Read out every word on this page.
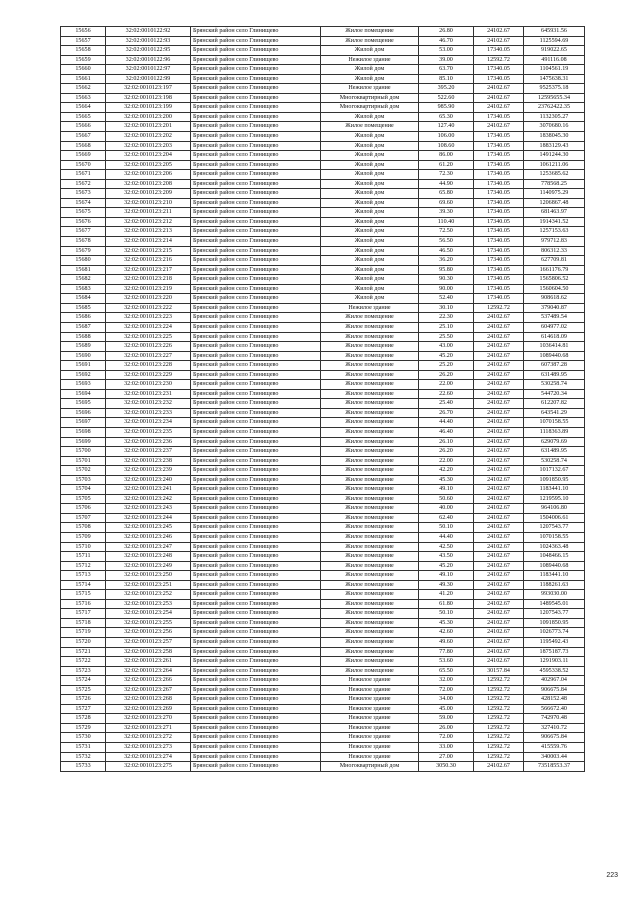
15656	32:02:0010122:92	Брянский район село Глинищево	Жилое помещение	26.80	24102.67	645931.56
15657	32:02:0010122:93	Брянский район село Глинищево	Жилое помещение	46.70	24102.67	1125594.69
15658	32:02:0010122:95	Брянский район село Глинищево	Жилой дом	53.00	17340.05	919022.65
15659	32:02:0010122:96	Брянский район село Глинищево	Нежилое здание	39.00	12592.72	491116.08
15660	32:02:0010122:97	Брянский район село Глинищево	Жилой дом	63.70	17340.05	1104561.19
15661	32:02:0010122:99	Брянский район село Глинищево	Жилой дом	85.10	17340.05	1475638.31
15662	32:02:0010123:197	Брянский район село Глинищево	Нежилое здание	395.20	24102.67	9525375.18
15663	32:02:0010123:198	Брянский район село Глинищево	Многоквартирный дом	522.60	24102.67	12595655.34
15664	32:02:0010123:199	Брянский район село Глинищево	Многоквартирный дом	985.90	24102.67	23762422.35
15665	32:02:0010123:200	Брянский район село Глинищево	Жилой дом	65.30	17340.05	1132305.27
15666	32:02:0010123:201	Брянский район село Глинищево	Жилое помещение	127.40	24102.67	3070680.16
15667	32:02:0010123:202	Брянский район село Глинищево	Жилой дом	106.00	17340.05	1838045.30
15668	32:02:0010123:203	Брянский район село Глинищево	Жилой дом	108.60	17340.05	1883129.43
15669	32:02:0010123:204	Брянский район село Глинищево	Жилой дом	86.00	17340.05	1491244.30
15670	32:02:0010123:205	Брянский район село Глинищево	Жилой дом	61.20	17340.05	1061211.06
15671	32:02:0010123:206	Брянский район село Глинищево	Жилой дом	72.30	17340.05	1253685.62
15672	32:02:0010123:208	Брянский район село Глинищево	Жилой дом	44.90	17340.05	778568.25
15673	32:02:0010123:209	Брянский район село Глинищево	Жилой дом	65.80	17340.05	1140975.29
15674	32:02:0010123:210	Брянский район село Глинищево	Жилой дом	69.60	17340.05	1206867.48
15675	32:02:0010123:211	Брянский район село Глинищево	Жилой дом	39.30	17340.05	681463.97
15676	32:02:0010123:212	Брянский район село Глинищево	Жилой дом	110.40	17340.05	1914341.52
15677	32:02:0010123:213	Брянский район село Глинищево	Жилой дом	72.50	17340.05	1257153.63
15678	32:02:0010123:214	Брянский район село Глинищево	Жилой дом	56.50	17340.05	979712.83
15679	32:02:0010123:215	Брянский район село Глинищево	Жилой дом	46.50	17340.05	806312.33
15680	32:02:0010123:216	Брянский район село Глинищево	Жилой дом	36.20	17340.05	627709.81
15681	32:02:0010123:217	Брянский район село Глинищево	Жилой дом	95.80	17340.05	1661176.79
15682	32:02:0010123:218	Брянский район село Глинищево	Жилой дом	90.30	17340.05	1565806.52
15683	32:02:0010123:219	Брянский район село Глинищево	Жилой дом	90.00	17340.05	1560604.50
15684	32:02:0010123:220	Брянский район село Глинищево	Жилой дом	52.40	17340.05	908618.62
15685	32:02:0010123:222	Брянский район село Глинищево	Нежилое здание	30.10	12592.72	379040.87
15686	32:02:0010123:223	Брянский район село Глинищево	Жилое помещение	22.30	24102.67	537489.54
15687	32:02:0010123:224	Брянский район село Глинищево	Жилое помещение	25.10	24102.67	604977.02
15688	32:02:0010123:225	Брянский район село Глинищево	Жилое помещение	25.50	24102.67	614618.09
15689	32:02:0010123:226	Брянский район село Глинищево	Жилое помещение	43.00	24102.67	1036414.81
15690	32:02:0010123:227	Брянский район село Глинищево	Жилое помещение	45.20	24102.67	1089440.68
15691	32:02:0010123:228	Брянский район село Глинищево	Жилое помещение	25.20	24102.67	607387.28
15692	32:02:0010123:229	Брянский район село Глинищево	Жилое помещение	26.20	24102.67	631489.95
15693	32:02:0010123:230	Брянский район село Глинищево	Жилое помещение	22.00	24102.67	530258.74
15694	32:02:0010123:231	Брянский район село Глинищево	Жилое помещение	22.60	24102.67	544720.34
15695	32:02:0010123:232	Брянский район село Глинищево	Жилое помещение	25.40	24102.67	612207.82
15696	32:02:0010123:233	Брянский район село Глинищево	Жилое помещение	26.70	24102.67	643541.29
15697	32:02:0010123:234	Брянский район село Глинищево	Жилое помещение	44.40	24102.67	1070158.55
15698	32:02:0010123:235	Брянский район село Глинищево	Жилое помещение	46.40	24102.67	1118363.89
15699	32:02:0010123:236	Брянский район село Глинищево	Жилое помещение	26.10	24102.67	629079.69
15700	32:02:0010123:237	Брянский район село Глинищево	Жилое помещение	26.20	24102.67	631489.95
15701	32:02:0010123:238	Брянский район село Глинищево	Жилое помещение	22.00	24102.67	530258.74
15702	32:02:0010123:239	Брянский район село Глинищево	Жилое помещение	42.20	24102.67	1017132.67
15703	32:02:0010123:240	Брянский район село Глинищево	Жилое помещение	45.30	24102.67	1091850.95
15704	32:02:0010123:241	Брянский район село Глинищево	Жилое помещение	49.10	24102.67	1183441.10
15705	32:02:0010123:242	Брянский район село Глинищево	Жилое помещение	50.60	24102.67	1219595.10
15706	32:02:0010123:243	Брянский район село Глинищево	Жилое помещение	40.00	24102.67	964106.80
15707	32:02:0010123:244	Брянский район село Глинищево	Жилое помещение	62.40	24102.67	1504006.61
15708	32:02:0010123:245	Брянский район село Глинищево	Жилое помещение	50.10	24102.67	1207543.77
15709	32:02:0010123:246	Брянский район село Глинищево	Жилое помещение	44.40	24102.67	1070158.55
15710	32:02:0010123:247	Брянский район село Глинищево	Жилое помещение	42.50	24102.67	1024363.48
15711	32:02:0010123:248	Брянский район село Глинищево	Жилое помещение	43.50	24102.67	1048466.15
15712	32:02:0010123:249	Брянский район село Глинищево	Жилое помещение	45.20	24102.67	1089440.68
15713	32:02:0010123:250	Брянский район село Глинищево	Жилое помещение	49.10	24102.67	1183441.10
15714	32:02:0010123:251	Брянский район село Глинищево	Жилое помещение	49.30	24102.67	1188261.63
15715	32:02:0010123:252	Брянский район село Глинищево	Жилое помещение	41.20	24102.67	993030.00
15716	32:02:0010123:253	Брянский район село Глинищево	Жилое помещение	61.80	24102.67	1489545.01
15717	32:02:0010123:254	Брянский район село Глинищево	Жилое помещение	50.10	24102.67	1207543.77
15718	32:02:0010123:255	Брянский район село Глинищево	Жилое помещение	45.30	24102.67	1091850.95
15719	32:02:0010123:256	Брянский район село Глинищево	Жилое помещение	42.60	24102.67	1026773.74
15720	32:02:0010123:257	Брянский район село Глинищево	Жилое помещение	49.60	24102.67	1195492.43
15721	32:02:0010123:258	Брянский район село Глинищево	Жилое помещение	77.80	24102.67	1875187.73
15722	32:02:0010123:261	Брянский район село Глинищево	Жилое помещение	53.60	24102.67	1291903.11
15723	32:02:0010123:264	Брянский район село Глинищево	Жилое помещение	65.50	30157.84	4595338.52
15724	32:02:0010123:266	Брянский район село Глинищево	Нежилое здание	32.00	12592.72	402967.04
15725	32:02:0010123:267	Брянский район село Глинищево	Нежилое здание	72.00	12592.72	906675.84
15726	32:02:0010123:268	Брянский район село Глинищево	Нежилое здание	34.00	12592.72	428152.48
15727	32:02:0010123:269	Брянский район село Глинищево	Нежилое здание	45.00	12592.72	566672.40
15728	32:02:0010123:270	Брянский район село Глинищево	Нежилое здание	59.00	12592.72	742970.48
15729	32:02:0010123:271	Брянский район село Глинищево	Нежилое здание	26.00	12592.72	327410.72
15730	32:02:0010123:272	Брянский район село Глинищево	Нежилое здание	72.00	12592.72	906675.84
15731	32:02:0010123:273	Брянский район село Глинищево	Нежилое здание	33.00	12592.72	415559.76
15732	32:02:0010123:274	Брянский район село Глинищево	Нежилое здание	27.00	12592.72	340003.44
15733	32:02:0010123:275	Брянский район село Глинищево	Многоквартирный дом	3050.30	24102.67	73518553.37
223
